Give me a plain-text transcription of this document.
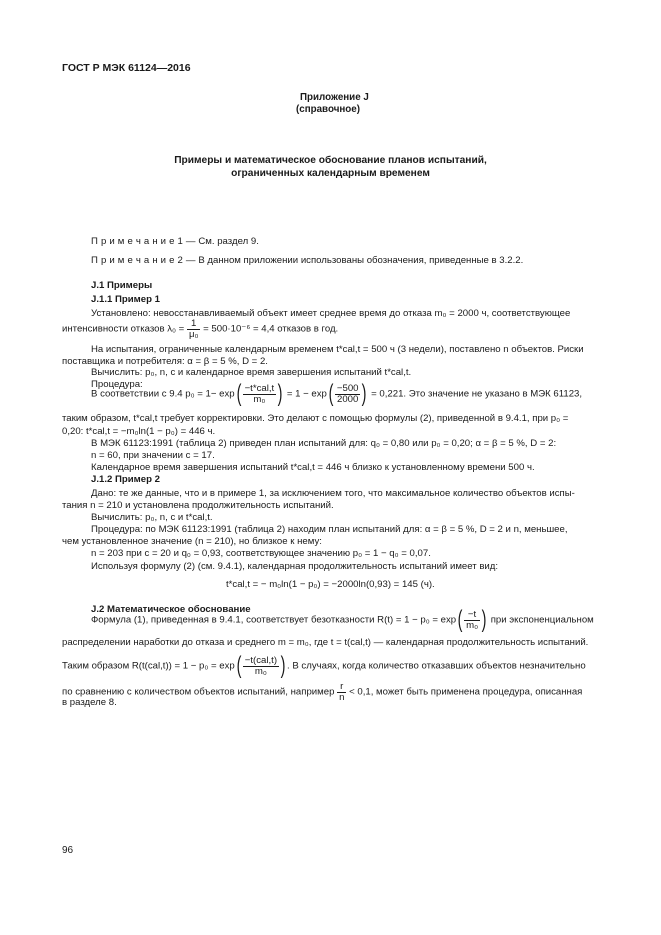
ГОСТ Р МЭК 61124—2016
Приложение J
(справочное)
Примеры и математическое обоснование планов испытаний,
ограниченных календарным временем
П р и м е ч а н и е 1 — См. раздел 9.
П р и м е ч а н и е 2 — В данном приложении использованы обозначения, приведенные в 3.2.2.
J.1 Примеры
J.1.1 Пример 1
Установлено: невосстанавливаемый объект имеет среднее время до отказа m₀ = 2000 ч, соответствующее
интенсивности отказов $\lambda_0 = \frac{1}{\text{μ₀}} = 500\cdot 10^{-6} = 4,4$ отказов в год.
На испытания, ограниченные календарным временем t*cal,t = 500 ч (3 недели), поставлено n объектов. Риски
поставщика и потребителя: α = β = 5 %, D = 2.
Вычислить: p₀, n, c и календарное время завершения испытаний t*cal,t.
Процедура:
В соответствии с 9.4 $p_0 = 1- \exp( \frac{\text{−t*cal,t}}{\text{m₀}}$ ) = $1 - \exp( \frac{-500}{2000}$ ) = 0,221. Это значение не указано в МЭК 61123,
таким образом, t*cal,t требует корректировки. Это делают с помощью формулы (2), приведенной в 9.4.1, при p₀ =
0,20: t*cal,t = −m₀ln(1 − p₀) = 446 ч.
В МЭК 61123:1991 (таблица 2) приведен план испытаний для: q₀ = 0,80 или p₀ = 0,20; α = β = 5 %, D = 2:
n = 60, при значении c = 17.
Календарное время завершения испытаний t*cal,t = 446 ч близко к установленному времени 500 ч.
J.1.2 Пример 2
Дано: те же данные, что и в примере 1, за исключением того, что максимальное количество объектов испы-
тания n = 210 и установлена продолжительность испытаний.
Вычислить: p₀, n, c и t*cal,t.
Процедура: по МЭК 61123:1991 (таблица 2) находим план испытаний для: α = β = 5 %, D = 2 и n, меньшее,
чем установленное значение (n = 210), но близкое к нему:
n = 203 при c = 20 и q₀ = 0,93, соответствующее значению p₀ = 1 − q₀ = 0,07.
Используя формулу (2) (см. 9.4.1), календарная продолжительность испытаний имеет вид:
t*cal,t = − m₀ln(1 − p₀) = −2000ln(0,93) = 145 (ч).
J.2 Математическое обоснование
Формула (1), приведенная в 9.4.1, соответствует безотказности $R(t) = 1 - p_0 = \exp( \frac{-t}{\text{m₀}}$ ) при экспоненциальном
распределении наработки до отказа и среднего m = m₀, где t = t(cal,t) — календарная продолжительность испытаний.
Таким образом $R(t(cal,t)) = 1 - p_0 = \exp( \frac{\text{−t(cal,t)}}{\text{m₀}}$ ) . В случаях, когда количество отказавших объектов незначительно
по сравнению с количеством объектов испытаний, например $\frac{r}{n} < 0,1$, может быть применена процедура, описанная
в разделе 8.
96
